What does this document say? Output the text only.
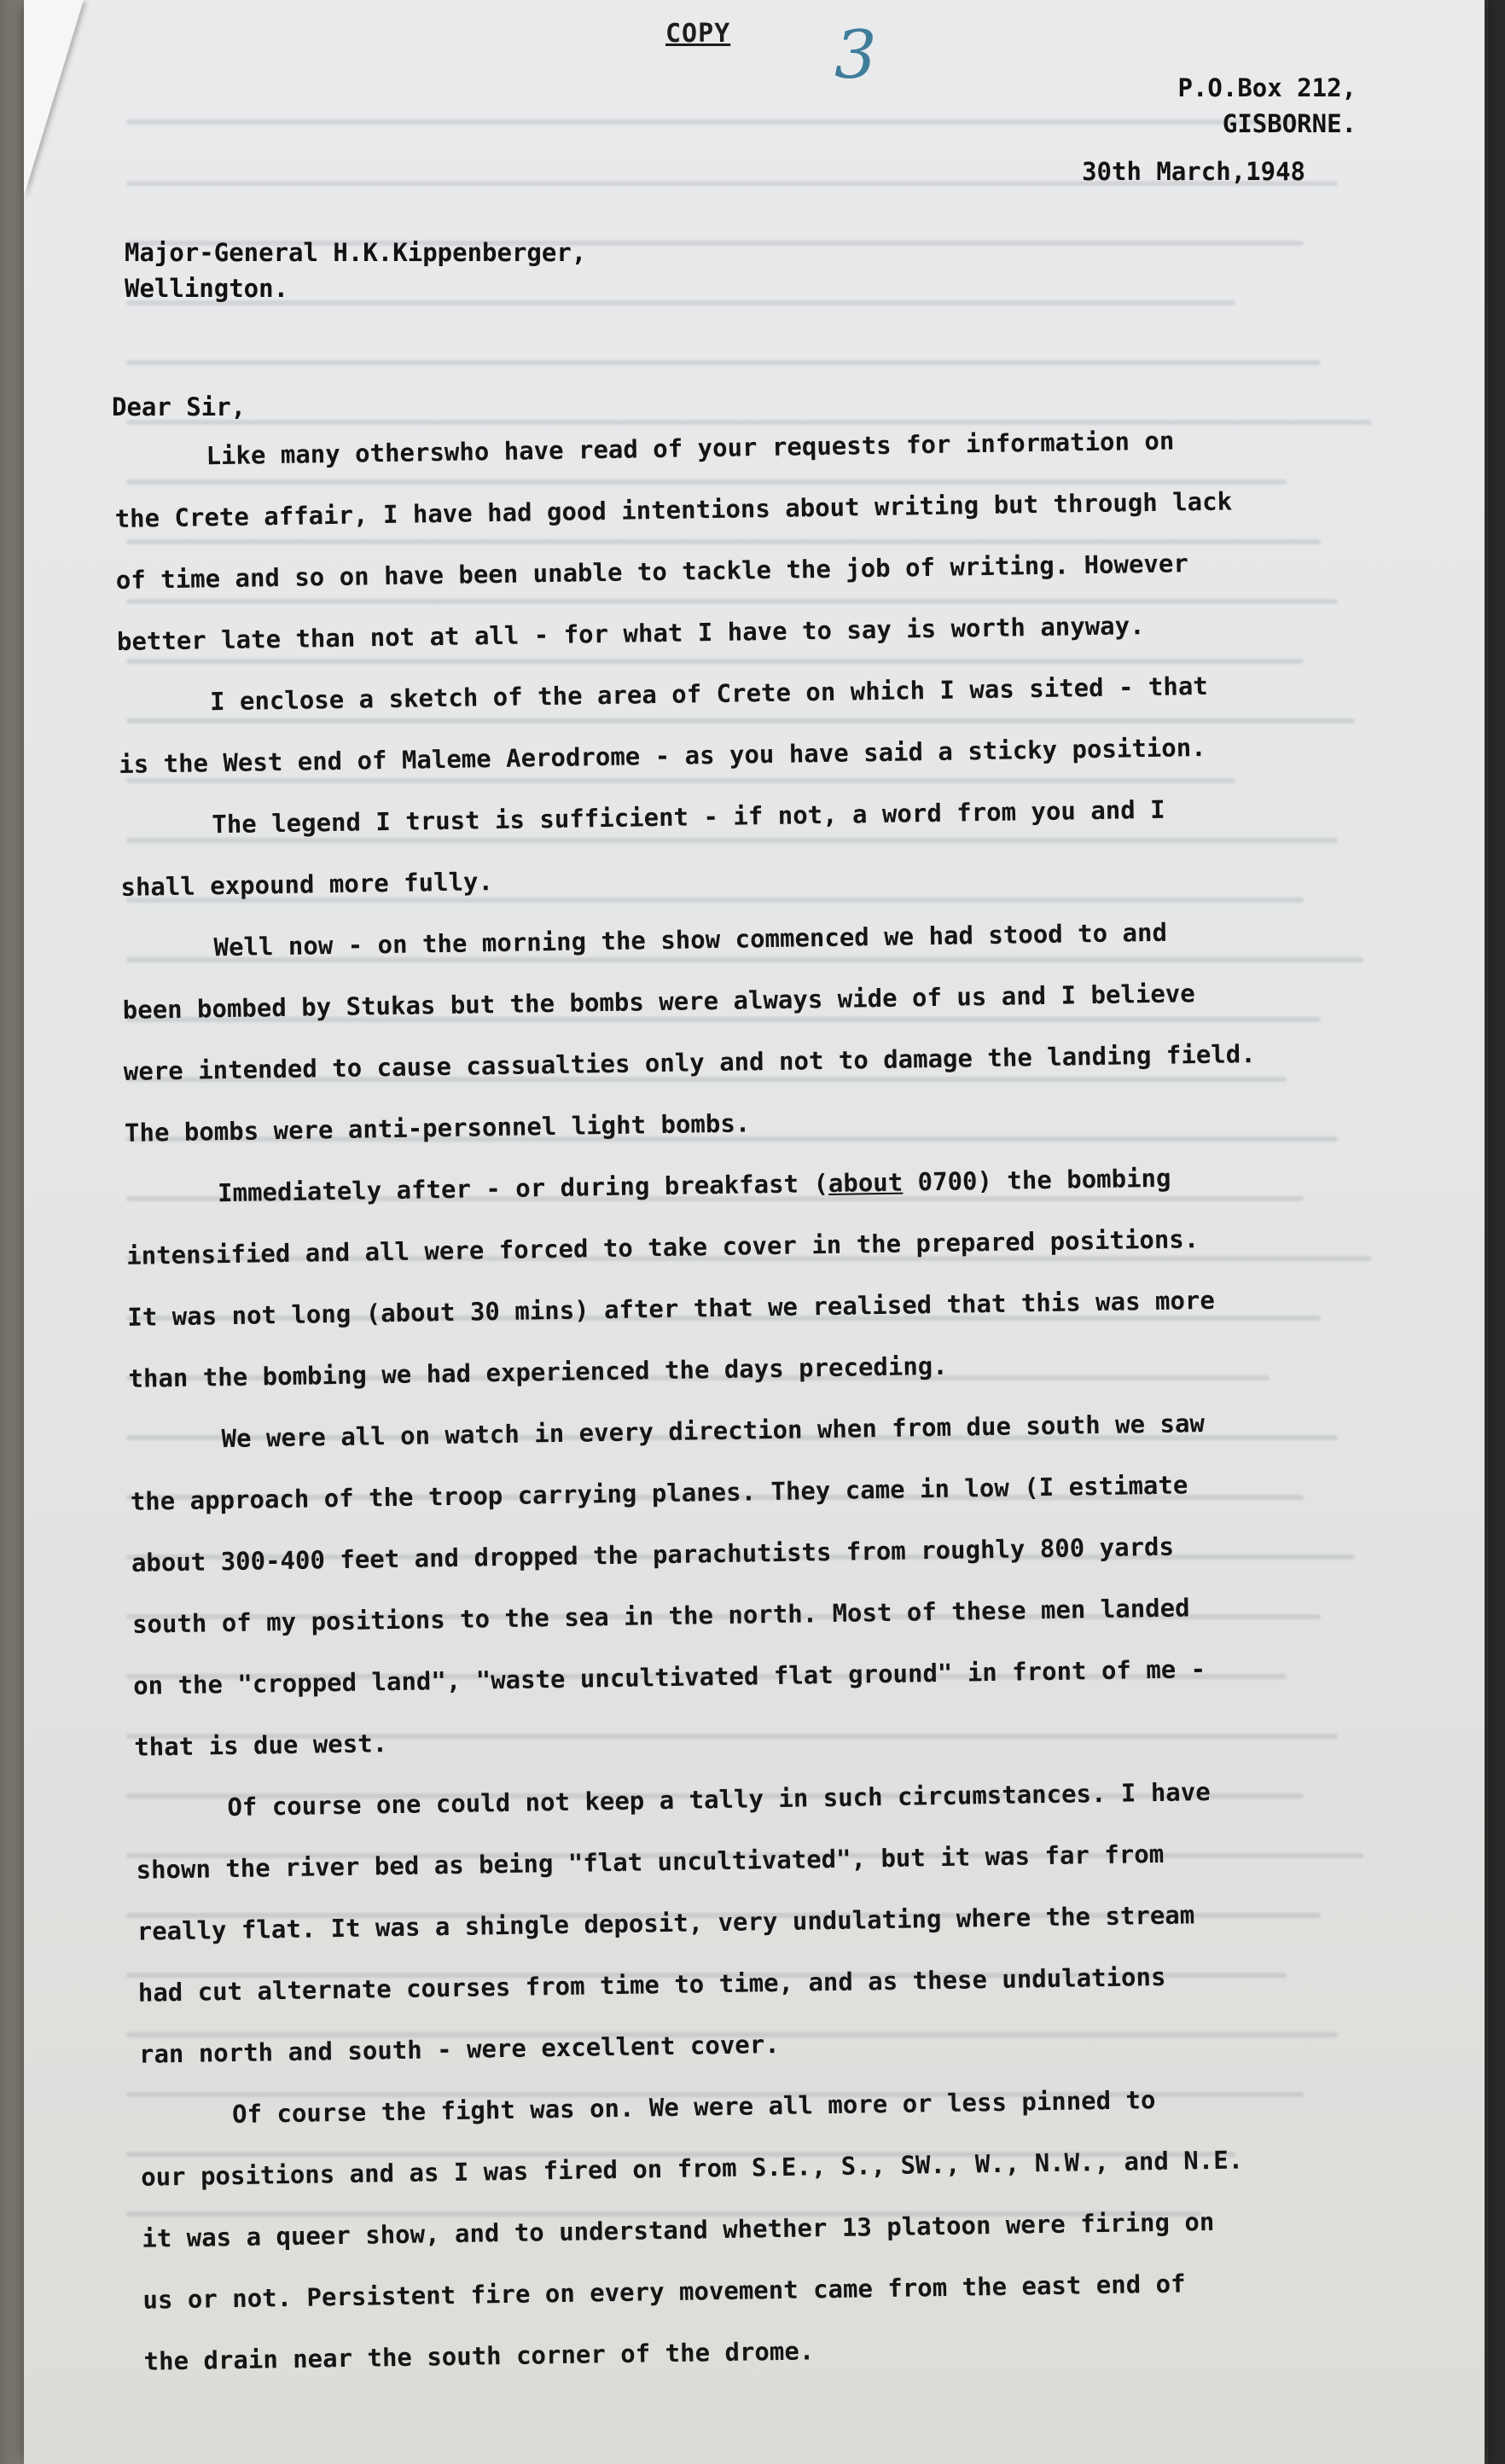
COPY 3	P.O.Box 212,
GISBORNE.
30th March,1948
Major-General H.K.Kippenberger,
Wellington.
Dear Sir,
Like many otherswho have read of your requests for information on
the Crete affair, I have had good intentions about writing but through lack
of time and so on have been unable to tackle the job of writing. However
better late than not at all - for what I have to say is worth anyway.
I enclose a sketch of the area of Crete on which I was sited - that
is the West end of Maleme Aerodrome - as you have said a sticky position.
The legend I trust is sufficient - if not, a word from you and I
shall expound more fully.
Well now - on the morning the show commenced we had stood to and
been bombed by Stukas but the bombs were always wide of us and I believe
were intended to cause cassualties only and not to damage the landing field.
The bombs were anti-personnel light bombs.
Immediately after - or during breakfast (about 0700) the bombing
intensified and all were forced to take cover in the prepared positions.
It was not long (about 30 mins) after that we realised that this was more
than the bombing we had experienced the days preceding.
We were all on watch in every direction when from due south we saw
the approach of the troop carrying planes. They came in low (I estimate
about 300-400 feet and dropped the parachutists from roughly 800 yards
south of my positions to the sea in the north. Most of these men landed
on the "cropped land", "waste uncultivated flat ground" in front of me -
that is due west.
Of course one could not keep a tally in such circumstances. I have
shown the river bed as being "flat uncultivated", but it was far from
really flat. It was a shingle deposit, very undulating where the stream
had cut alternate courses from time to time, and as these undulations
ran north and south - were excellent cover.
Of course the fight was on. We were all more or less pinned to
our positions and as I was fired on from S.E., S., SW., W., N.W., and N.E.
it was a queer show, and to understand whether 13 platoon were firing on
us or not. Persistent fire on every movement came from the east end of
the drain near the south corner of the drome.
